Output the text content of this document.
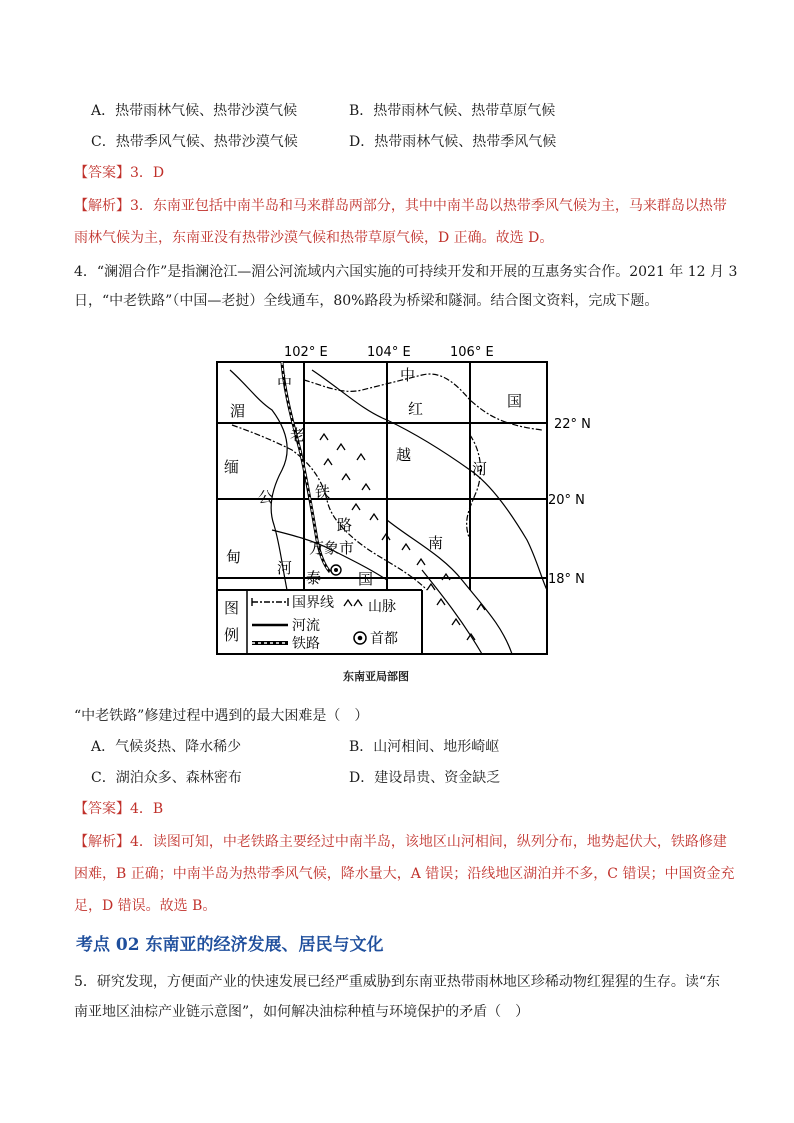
A．热带雨林气候、热带沙漠气候	B．热带雨林气候、热带草原气候
C．热带季风气候、热带沙漠气候	D．热带雨林气候、热带季风气候
【答案】3．D
【解析】3．东南亚包括中南半岛和马来群岛两部分，其中中南半岛以热带季风气候为主，马来群岛以热带
雨林气候为主，东南亚没有热带沙漠气候和热带草原气候，D 正确。故选 D。
4．“澜湄合作”是指澜沧江—湄公河流域内六国实施的可持续开发和开展的互惠务实合作。2021 年 12 月 3
日，“中老铁路”（中国—老挝）全线通车，80%路段为桥梁和隧洞。结合图文资料，完成下题。
102° E	104° E	106° E
22° N
20° N
18° N
中
湄
老
缅
公
甸
铁
路
河
泰 国
中
红	国
越
河
南
万象市
图
例
国界线
河流
铁路
山脉
首都
东南亚局部图
“中老铁路”修建过程中遇到的最大困难是（　）
A．气候炎热、降水稀少	B．山河相间、地形崎岖
C．湖泊众多、森林密布	D．建设昂贵、资金缺乏
【答案】4．B
【解析】4．读图可知，中老铁路主要经过中南半岛，该地区山河相间，纵列分布，地势起伏大，铁路修建
困难，B 正确；中南半岛为热带季风气候，降水量大，A 错误；沿线地区湖泊并不多，C 错误；中国资金充
足，D 错误。故选 B。
考点 02 东南亚的经济发展、居民与文化
5．研究发现，方便面产业的快速发展已经严重威胁到东南亚热带雨林地区珍稀动物红猩猩的生存。读“东
南亚地区油棕产业链示意图”，如何解决油棕种植与环境保护的矛盾（　）
